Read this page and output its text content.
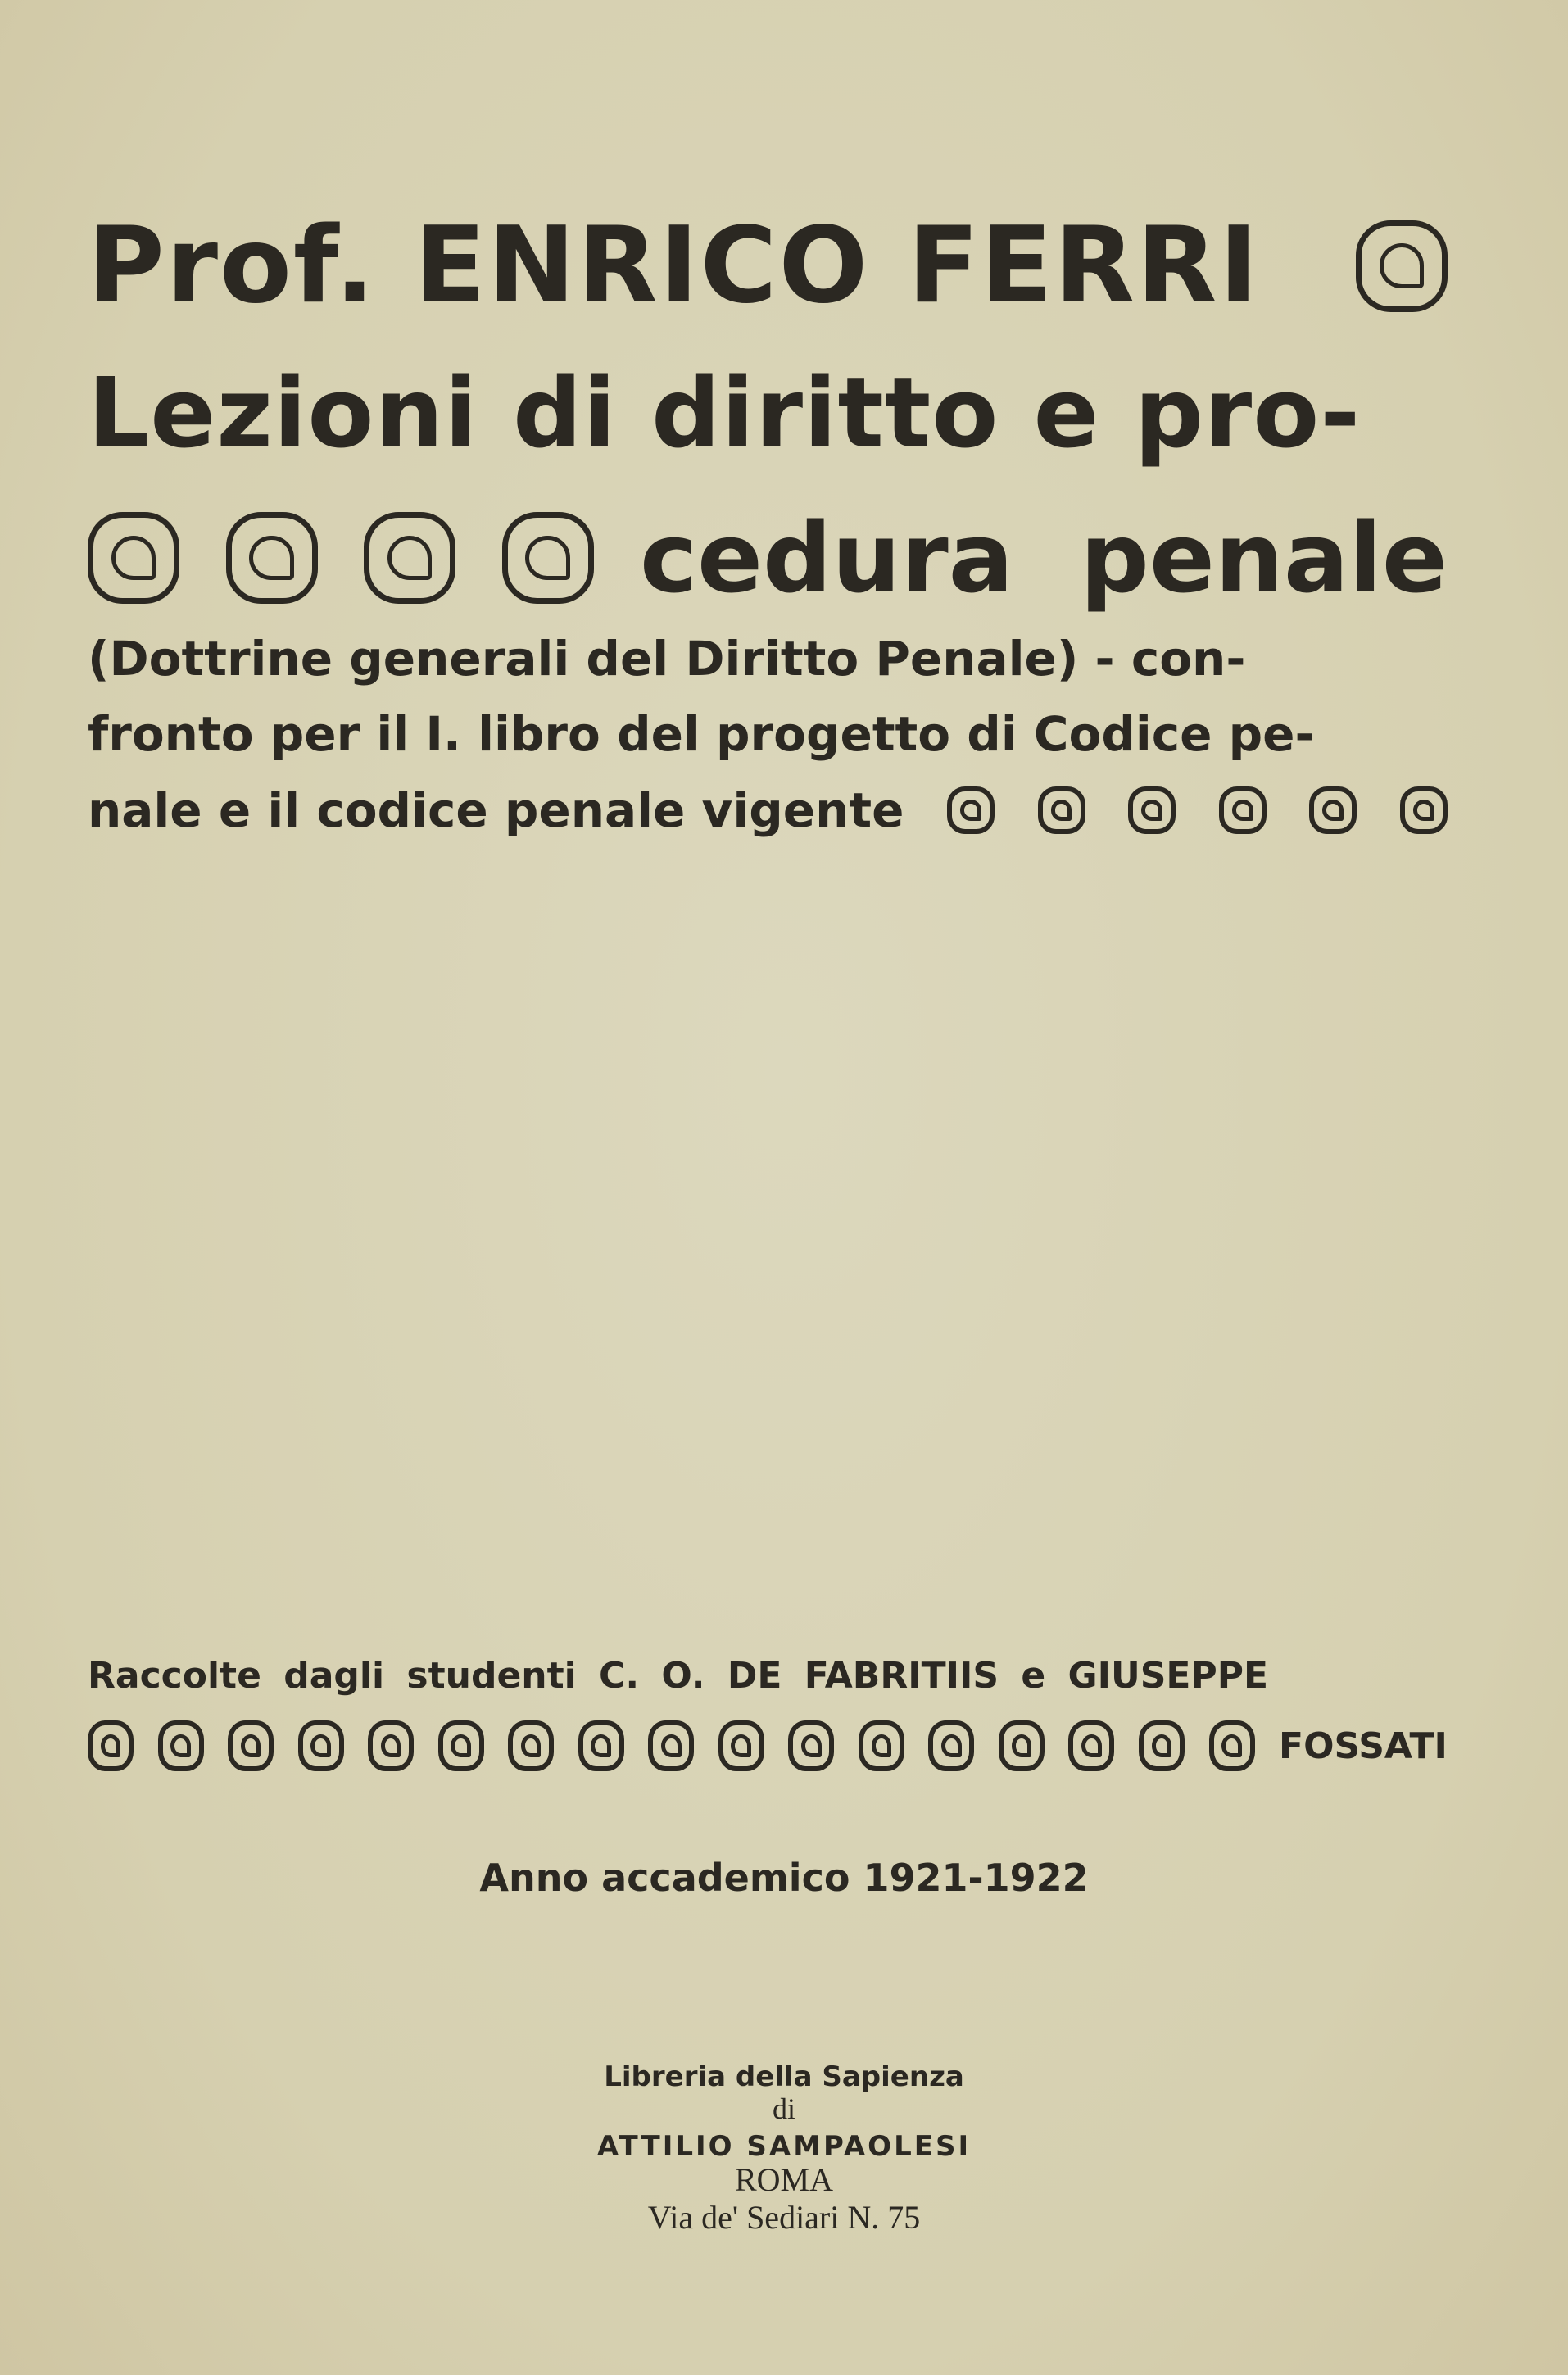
Prof. ENRICO FERRI
Lezioni di diritto e pro-
cedura penale
(Dottrine generali del Diritto Penale) - con-
fronto per il I. libro del progetto di Codice pe-
nale e il codice penale vigente
Raccolte dagli studenti C. O. DE FABRITIIS e GIUSEPPE
FOSSATI
Anno accademico 1921-1922
Libreria della Sapienza
di
ATTILIO SAMPAOLESI
ROMA
Via de' Sediari N. 75
